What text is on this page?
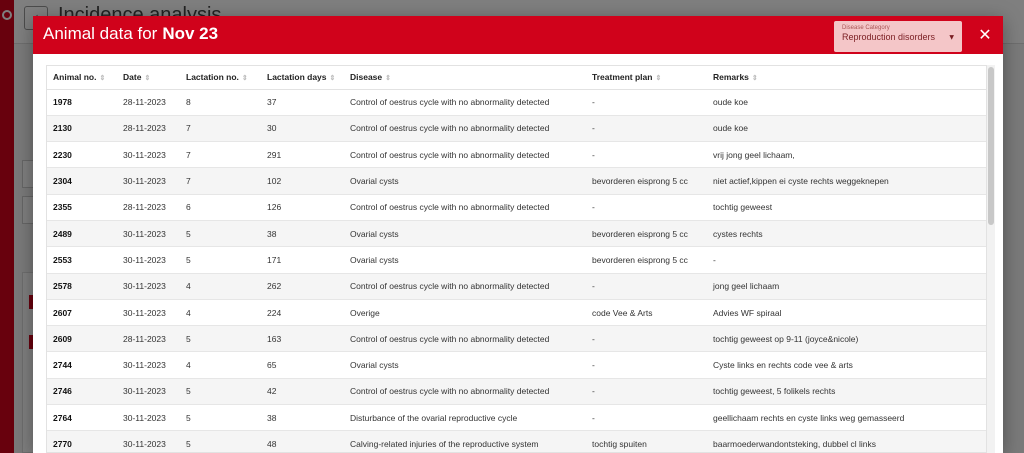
Animal data for Nov 23	Disease Category
Reproduction disorders	▼ ✕
Animal no. ⇕	Date ⇕	Lactation no. ⇕	Lactation days ⇕	Disease ⇕	Treatment plan ⇕	Remarks ⇕
1978	28-11-2023	8	37	Control of oestrus cycle with no abnormality detected	-	oude koe
2130	28-11-2023	7	30	Control of oestrus cycle with no abnormality detected	-	oude koe
2230	30-11-2023	7	291	Control of oestrus cycle with no abnormality detected	-	vrij jong geel lichaam,
2304	30-11-2023	7	102	Ovarial cysts	bevorderen eisprong 5 cc	niet actief,kippen ei cyste rechts weggeknepen
2355	28-11-2023	6	126	Control of oestrus cycle with no abnormality detected	-	tochtig geweest
2489	30-11-2023	5	38	Ovarial cysts	bevorderen eisprong 5 cc	cystes rechts
2553	30-11-2023	5	171	Ovarial cysts	bevorderen eisprong 5 cc	-
2578	30-11-2023	4	262	Control of oestrus cycle with no abnormality detected	-	jong geel lichaam
2607	30-11-2023	4	224	Overige	code Vee & Arts	Advies WF spiraal
2609	28-11-2023	5	163	Control of oestrus cycle with no abnormality detected	-	tochtig geweest op 9-11 (joyce&nicole)
2744	30-11-2023	4	65	Ovarial cysts	-	Cyste links en rechts code vee & arts
2746	30-11-2023	5	42	Control of oestrus cycle with no abnormality detected	-	tochtig geweest, 5 folikels rechts
2764	30-11-2023	5	38	Disturbance of the ovarial reproductive cycle	-	geellichaam rechts en cyste links weg gemasseerd
2770	30-11-2023	5	48	Calving-related injuries of the reproductive system	tochtig spuiten	baarmoederwandontsteking, dubbel cl links
